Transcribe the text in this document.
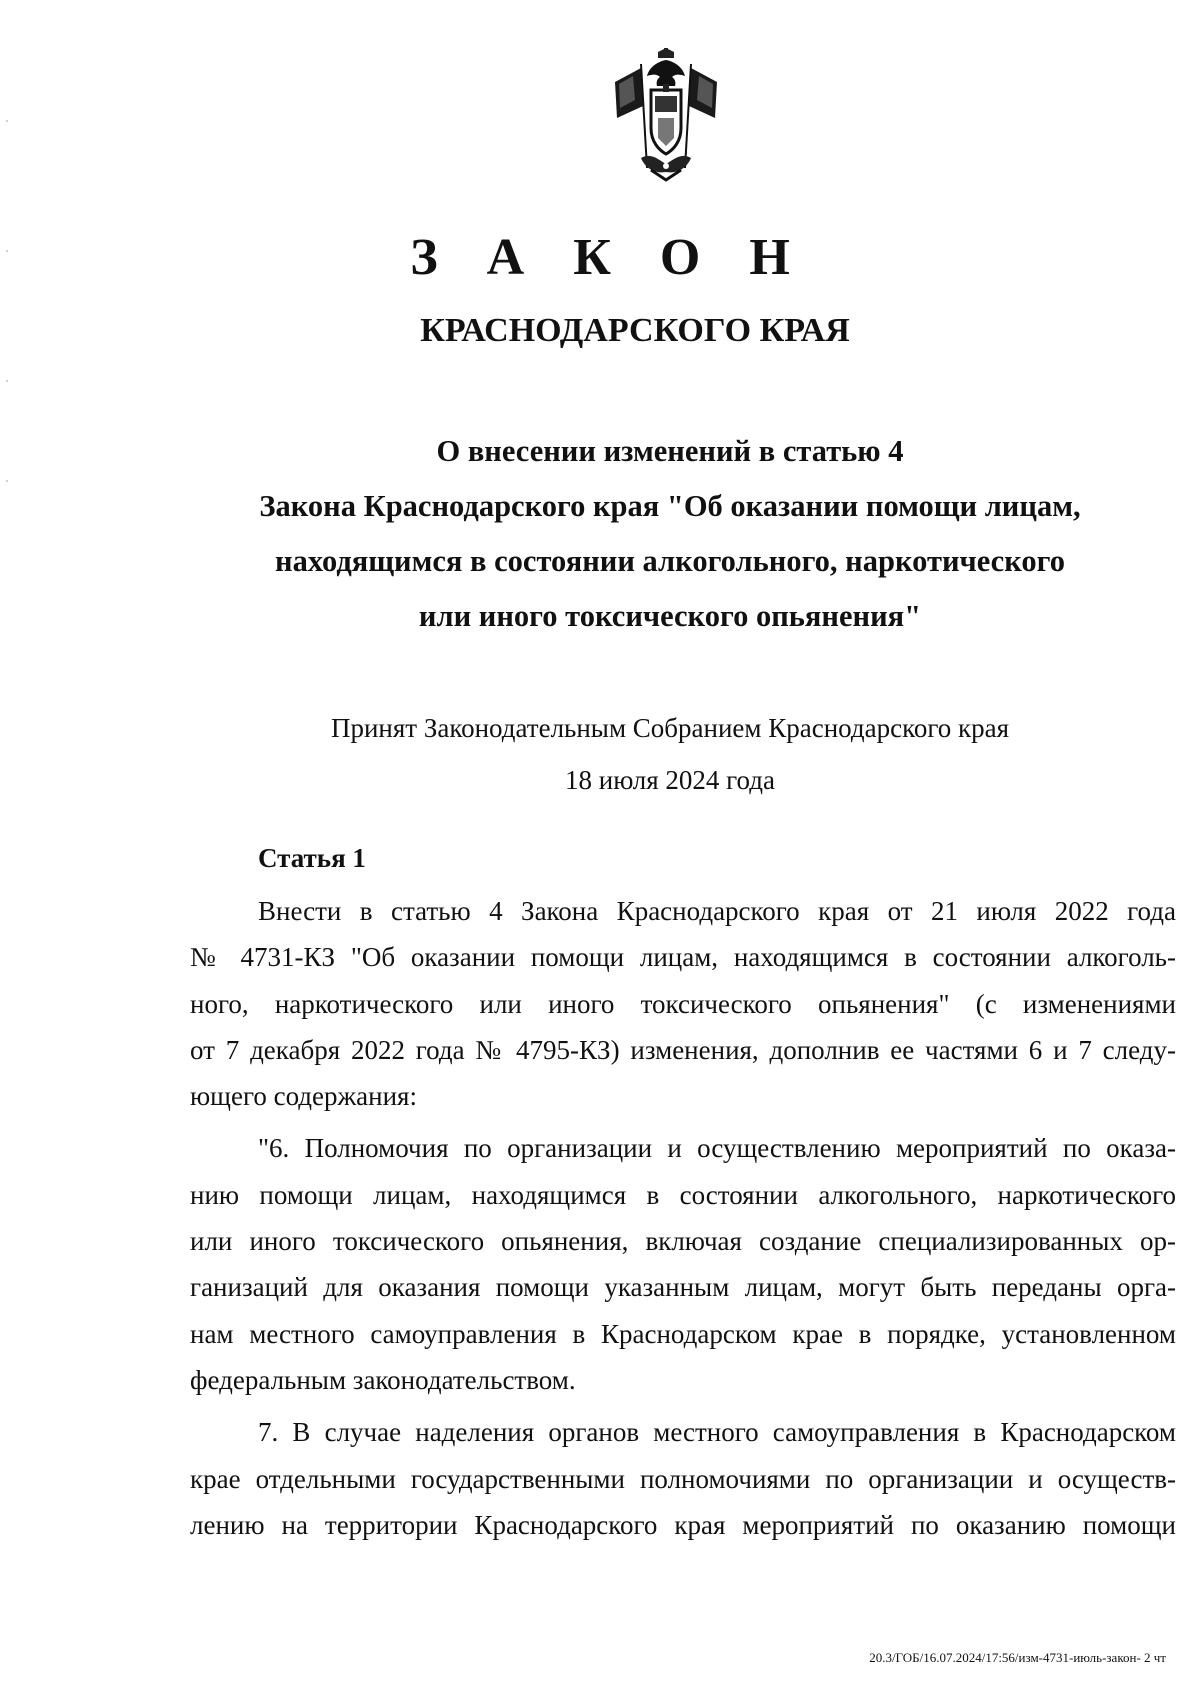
З А К О Н
КРАСНОДАРСКОГО КРАЯ
О внесении изменений в статью 4
Закона Краснодарского края "Об оказании помощи лицам,
находящимся в состоянии алкогольного, наркотического
или иного токсического опьянения"
Принят Законодательным Собранием Краснодарского края
18 июля 2024 года
Статья 1
Внести в статью 4 Закона Краснодарского края от 21 июля 2022 года
№ 4731-КЗ "Об оказании помощи лицам, находящимся в состоянии алкоголь-
ного, наркотического или иного токсического опьянения" (с изменениями
от 7 декабря 2022 года № 4795-КЗ) изменения, дополнив ее частями 6 и 7 следу-
ющего содержания:
"6. Полномочия по организации и осуществлению мероприятий по оказа-
нию помощи лицам, находящимся в состоянии алкогольного, наркотического
или иного токсического опьянения, включая создание специализированных ор-
ганизаций для оказания помощи указанным лицам, могут быть переданы орга-
нам местного самоуправления в Краснодарском крае в порядке, установленном
федеральным законодательством.
7. В случае наделения органов местного самоуправления в Краснодарском
крае отдельными государственными полномочиями по организации и осуществ-
лению на территории Краснодарского края мероприятий по оказанию помощи
20.3/ГОБ/16.07.2024/17:56/изм-4731-июль-закон- 2 чт
